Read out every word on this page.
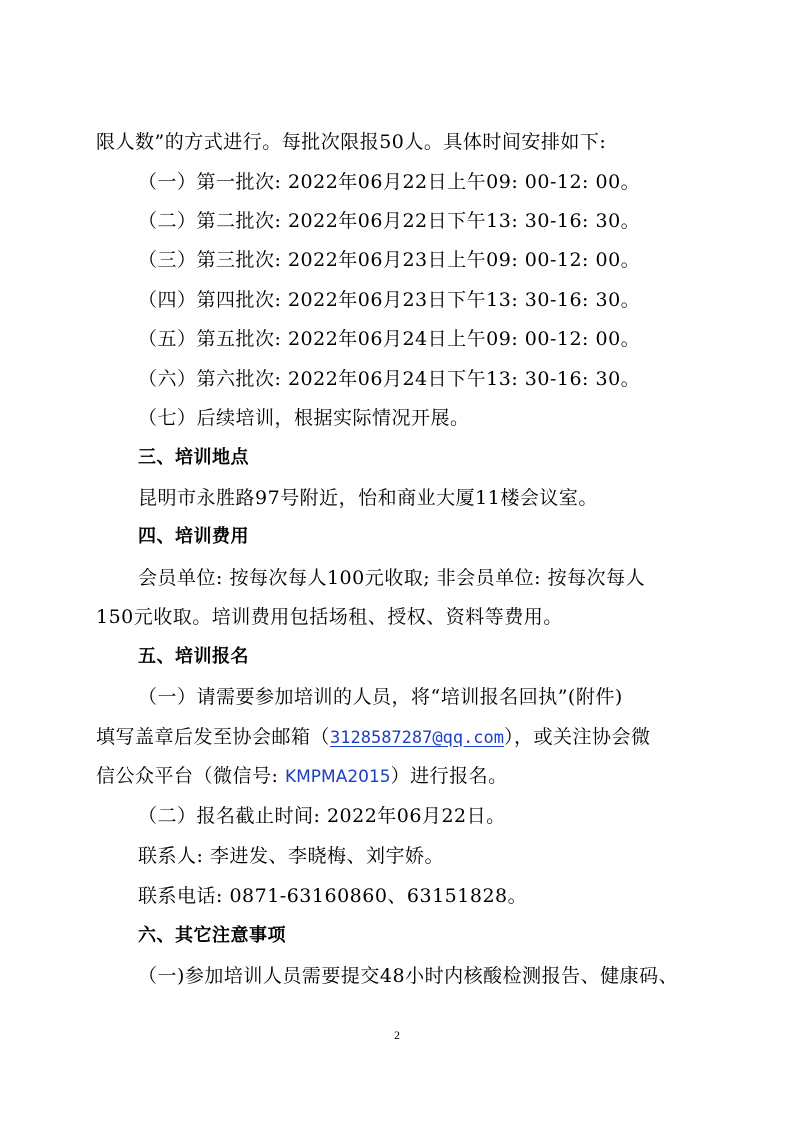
限人数”的方式进行。每批次限报50人。具体时间安排如下:
（一）第一批次: 2022年06月22日上午09: 00-12: 00。
（二）第二批次: 2022年06月22日下午13: 30-16: 30。
（三）第三批次: 2022年06月23日上午09: 00-12: 00。
（四）第四批次: 2022年06月23日下午13: 30-16: 30。
（五）第五批次: 2022年06月24日上午09: 00-12: 00。
（六）第六批次: 2022年06月24日下午13: 30-16: 30。
（七）后续培训，根据实际情况开展。
三、培训地点
昆明市永胜路97号附近，怡和商业大厦11楼会议室。
四、培训费用
会员单位: 按每次每人100元收取; 非会员单位: 按每次每人
150元收取。培训费用包括场租、授权、资料等费用。
五、培训报名
（一）请需要参加培训的人员，将“培训报名回执”(附件)
填写盖章后发至协会邮箱（3128587287@qq.com），或关注协会微
信公众平台（微信号: KMPMA2015）进行报名。
（二）报名截止时间: 2022年06月22日。
联系人: 李进发、李晓梅、刘宇娇。
联系电话: 0871-63160860、63151828。
六、其它注意事项
（一)参加培训人员需要提交48小时内核酸检测报告、健康码、
2
